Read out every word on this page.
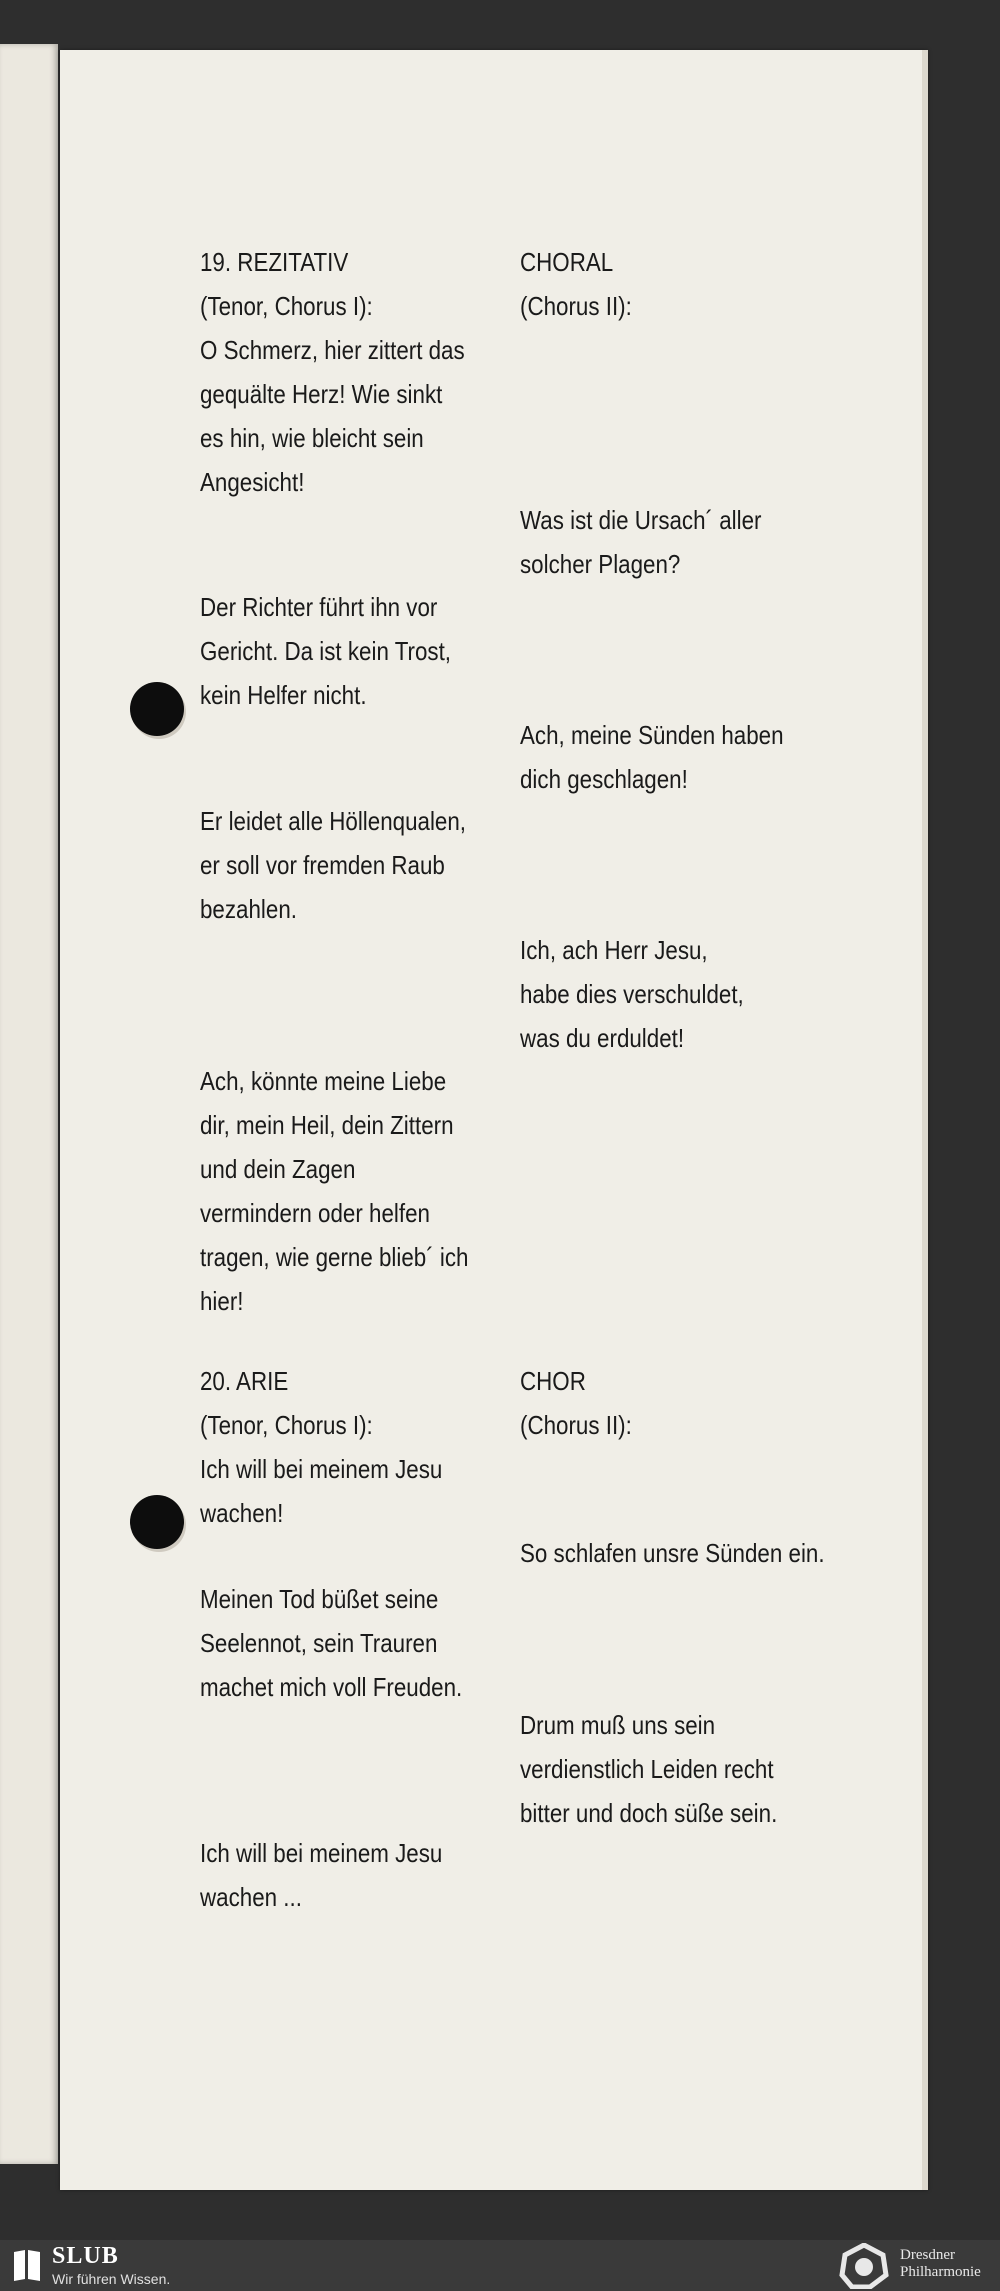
19. REZITATIV

(Tenor, Chorus I):

O Schmerz, hier zittert das

gequälte Herz! Wie sinkt

es hin, wie bleicht sein

Angesicht!

Der Richter führt ihn vor

Gericht. Da ist kein Trost,

kein Helfer nicht.

Er leidet alle Höllenqualen,

er soll vor fremden Raub

bezahlen.

Ach, könnte meine Liebe

dir, mein Heil, dein Zittern

und dein Zagen

vermindern oder helfen

tragen, wie gerne blieb´ ich

hier!

20. ARIE

(Tenor, Chorus I):

Ich will bei meinem Jesu

wachen!

Meinen Tod büßet seine

Seelennot, sein Trauren

machet mich voll Freuden.

Ich will bei meinem Jesu

wachen ...

CHORAL

(Chorus II):

Was ist die Ursach´ aller

solcher Plagen?

Ach, meine Sünden haben

dich geschlagen!

Ich, ach Herr Jesu,

habe dies verschuldet,

was du erduldet!

CHOR

(Chorus II):

So schlafen unsre Sünden ein.

Drum muß uns sein

verdienstlich Leiden recht

bitter und doch süße sein.

SLUB
Wir führen Wissen.
Dresdner
Philharmonie
